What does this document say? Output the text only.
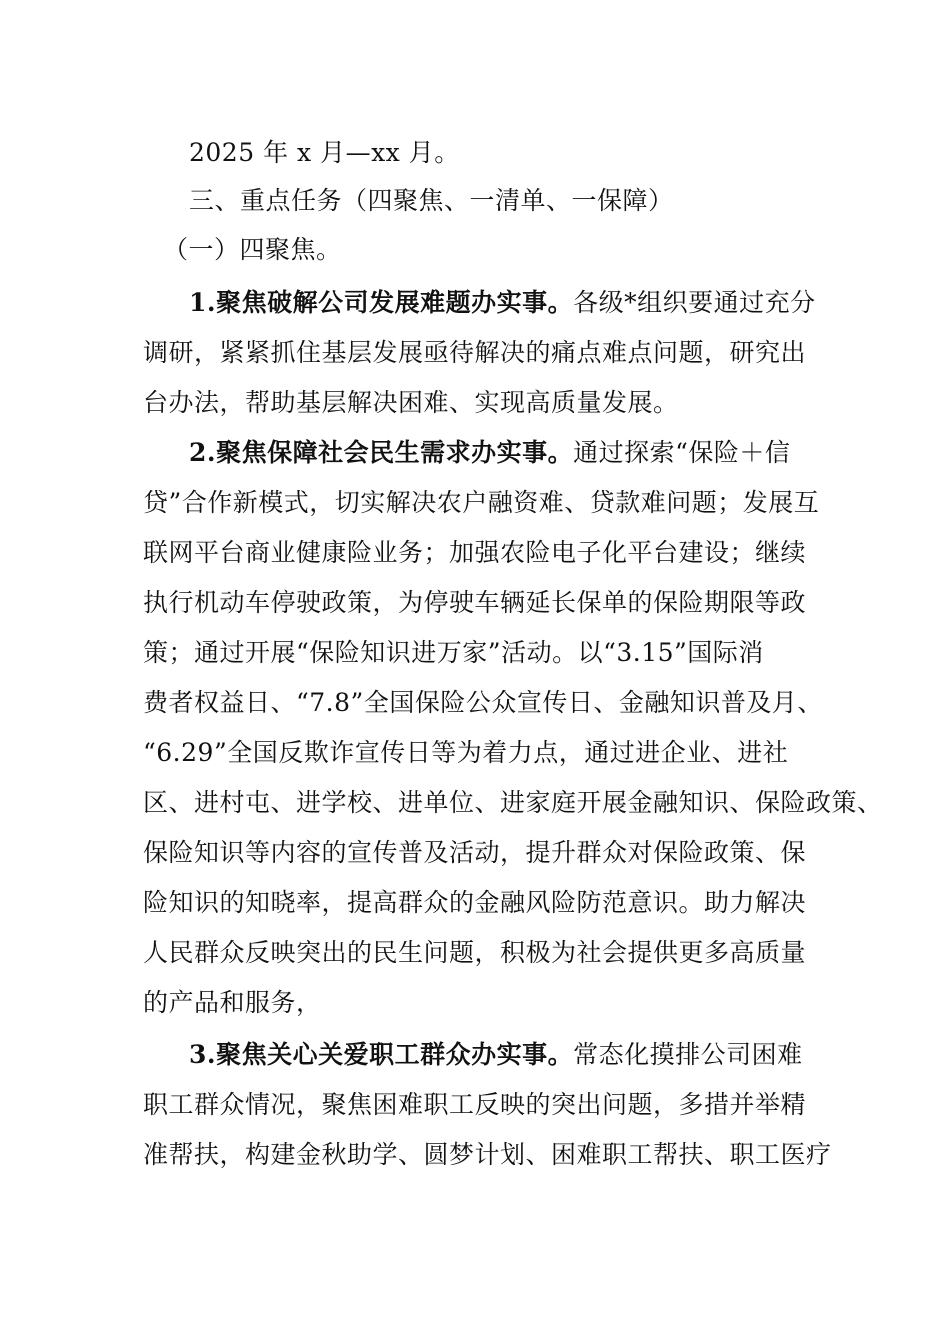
2025 年 x 月—xx 月。
三、重点任务（四聚焦、一清单、一保障）
（一）四聚焦。
1.聚焦破解公司发展难题办实事。各级*组织要通过充分
调研，紧紧抓住基层发展亟待解决的痛点难点问题，研究出
台办法，帮助基层解决困难、实现高质量发展。
2.聚焦保障社会民生需求办实事。通过探索“保险＋信
贷”合作新模式，切实解决农户融资难、贷款难问题；发展互
联网平台商业健康险业务；加强农险电子化平台建设；继续
执行机动车停驶政策，为停驶车辆延长保单的保险期限等政
策；通过开展“保险知识进万家”活动。以“3.15”国际消
费者权益日、“7.8”全国保险公众宣传日、金融知识普及月、
“6.29”全国反欺诈宣传日等为着力点，通过进企业、进社
区、进村屯、进学校、进单位、进家庭开展金融知识、保险政策、
保险知识等内容的宣传普及活动，提升群众对保险政策、保
险知识的知晓率，提高群众的金融风险防范意识。助力解决
人民群众反映突出的民生问题，积极为社会提供更多高质量
的产品和服务，
3.聚焦关心关爱职工群众办实事。常态化摸排公司困难
职工群众情况，聚焦困难职工反映的突出问题，多措并举精
准帮扶，构建金秋助学、圆梦计划、困难职工帮扶、职工医疗
